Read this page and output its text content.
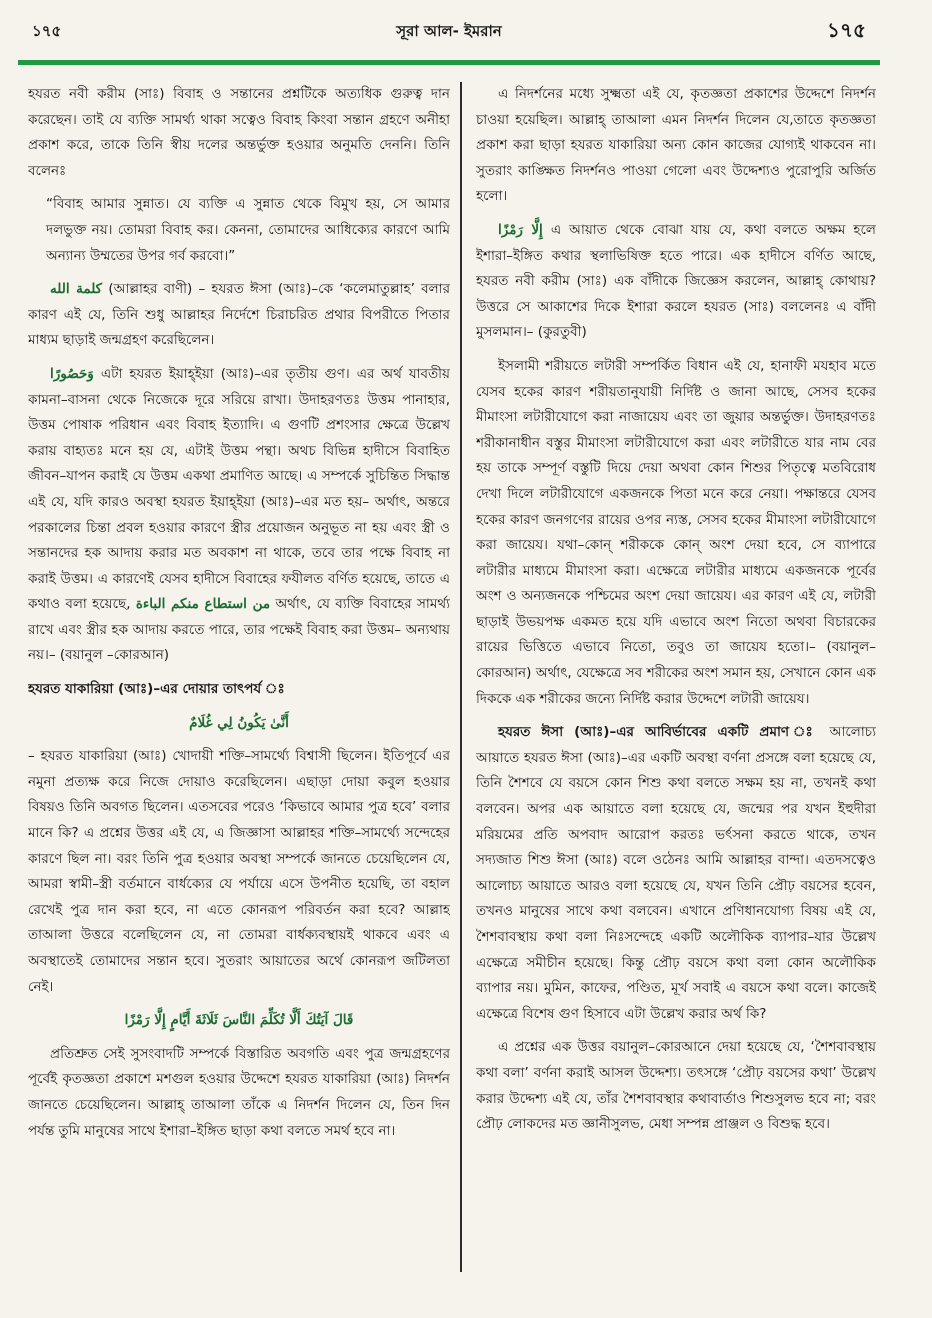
১৭৫	সূরা আল- ইমরান	১৭৫

হযরত নবী করীম (সাঃ) বিবাহ ও সন্তানের প্রশ্নটিকে অত্যধিক গুরুত্ব দান করেছেন। তাই যে ব্যক্তি সামর্থ্য থাকা সত্বেও বিবাহ কিংবা সন্তান গ্রহণে অনীহা প্রকাশ করে, তাকে তিনি স্বীয় দলের অন্তর্ভুক্ত হওয়ার অনুমতি দেননি। তিনি বলেনঃ

“বিবাহ আমার সুন্নাত। যে ব্যক্তি এ সুন্নাত থেকে বিমুখ হয়, সে আমার দলভুক্ত নয়। তোমরা বিবাহ কর। কেননা, তোমাদের আধিক্যের কারণে আমি অন্যান্য উম্মতের উপর গর্ব করবো।”

كلمة الله (আল্লাহর বাণী) – হযরত ঈসা (আঃ)–কে ‘কলেমাতুল্লাহ’ বলার কারণ এই যে, তিনি শুধু আল্লাহর নির্দেশে চিরাচরিত প্রথার বিপরীতে পিতার মাধ্যম ছাড়াই জন্মগ্রহণ করেছিলেন।

وَحَصُورًا এটা হযরত ইয়াহ্ইয়া (আঃ)–এর তৃতীয় গুণ। এর অর্থ যাবতীয় কামনা–বাসনা থেকে নিজেকে দূরে সরিয়ে রাখা। উদাহরণতঃ উত্তম পানাহার, উত্তম পোষাক পরিধান এবং বিবাহ ইত্যাদি। এ গুণটি প্রশংসার ক্ষেত্রে উল্লেখ করায় বাহ্যতঃ মনে হয় যে, এটাই উত্তম পন্থা। অথচ বিভিন্ন হাদীসে বিবাহিত জীবন–যাপন করাই যে উত্তম একথা প্রমাণিত আছে। এ সম্পর্কে সুচিন্তিত সিদ্ধান্ত এই যে, যদি কারও অবস্থা হযরত ইয়াহ্ইয়া (আঃ)–এর মত হয়– অর্থাৎ, অন্তরে পরকালের চিন্তা প্রবল হওয়ার কারণে স্ত্রীর প্রয়োজন অনুভূত না হয় এবং স্ত্রী ও সন্তানদের হক আদায় করার মত অবকাশ না থাকে, তবে তার পক্ষে বিবাহ না করাই উত্তম। এ কারণেই যেসব হাদীসে বিবাহের ফযীলত বর্ণিত হয়েছে, তাতে এ কথাও বলা হয়েছে, من استطاع منكم الباءة অর্থাৎ, যে ব্যক্তি বিবাহের সামর্থ্য রাখে এবং স্ত্রীর হক আদায় করতে পারে, তার পক্ষেই বিবাহ করা উত্তম– অন্যথায় নয়।– (বয়ানুল –কোরআন)

হযরত যাকারিয়া (আঃ)–এর দোয়ার তাৎপর্য ঃ

أَنَّىٰ يَكُونُ لِي غُلَامٌ

– হযরত যাকারিয়া (আঃ) খোদায়ী শক্তি–সামর্থ্যে বিশ্বাসী ছিলেন। ইতিপূর্বে এর নমুনা প্রত্যক্ষ করে নিজে দোয়াও করেছিলেন। এছাড়া দোয়া কবুল হওয়ার বিষয়ও তিনি অবগত ছিলেন। এতসবের পরেও ‘কিভাবে আমার পুত্র হবে’ বলার মানে কি? এ প্রশ্নের উত্তর এই যে, এ জিজ্ঞাসা আল্লাহর শক্তি–সামর্থ্যে সন্দেহের কারণে ছিল না। বরং তিনি পুত্র হওয়ার অবস্থা সম্পর্কে জানতে চেয়েছিলেন যে, আমরা স্বামী–স্ত্রী বর্তমানে বার্ধক্যের যে পর্যায়ে এসে উপনীত হয়েছি, তা বহাল রেখেই পুত্র দান করা হবে, না এতে কোনরূপ পরিবর্তন করা হবে? আল্লাহ তাআলা উত্তরে বলেছিলেন যে, না তোমরা বার্ধক্যবস্থায়ই থাকবে এবং এ অবস্থাতেই তোমাদের সন্তান হবে। সুতরাং আয়াতের অর্থে কোনরূপ জটিলতা নেই।

قَالَ آيَتُكَ أَلَّا تُكَلِّمَ النَّاسَ ثَلَاثَةَ أَيَّامٍ إِلَّا رَمْزًا

প্রতিশ্রুত সেই সুসংবাদটি সম্পর্কে বিস্তারিত অবগতি এবং পুত্র জন্মগ্রহণের পূর্বেই কৃতজ্ঞতা প্রকাশে মশগুল হওয়ার উদ্দেশে হযরত যাকারিয়া (আঃ) নিদর্শন জানতে চেয়েছিলেন। আল্লাহ্ তাআলা তাঁকে এ নিদর্শন দিলেন যে, তিন দিন পর্যন্ত তুমি মানুষের সাথে ইশারা–ইঙ্গিত ছাড়া কথা বলতে সমর্থ হবে না।

এ নিদর্শনের মধ্যে সুক্ষ্মতা এই যে, কৃতজ্ঞতা প্রকাশের উদ্দেশে নিদর্শন চাওয়া হয়েছিল। আল্লাহ্ তাআলা এমন নিদর্শন দিলেন যে,তাতে কৃতজ্ঞতা প্রকাশ করা ছাড়া হযরত যাকারিয়া অন্য কোন কাজের যোগ্যই থাকবেন না। সুতরাং কাঙ্ক্ষিত নিদর্শনও পাওয়া গেলো এবং উদ্দেশ্যও পুরোপুরি অর্জিত হলো।

إِلَّا رَمْزًا এ আয়াত থেকে বোঝা যায় যে, কথা বলতে অক্ষম হলে ইশারা–ইঙ্গিত কথার স্থলাভিষিক্ত হতে পারে। এক হাদীসে বর্ণিত আছে, হযরত নবী করীম (সাঃ) এক বাঁদীকে জিজ্ঞেস করলেন, আল্লাহ্ কোথায়? উত্তরে সে আকাশের দিকে ইশারা করলে হযরত (সাঃ) বললেনঃ এ বাঁদী মুসলমান।– (কুরতুবী)

ইসলামী শরীয়তে লটারী সম্পর্কিত বিধান এই যে, হানাফী মযহাব মতে যেসব হকের কারণ শরীয়তানুযায়ী নির্দিষ্ট ও জানা আছে, সেসব হকের মীমাংসা লটারীযোগে করা নাজায়েয এবং তা জুয়ার অন্তর্ভুক্ত। উদাহরণতঃ শরীকানাধীন বস্তুর মীমাংসা লটারীযোগে করা এবং লটারীতে যার নাম বের হয় তাকে সম্পূর্ণ বস্তুটি দিয়ে দেয়া অথবা কোন শিশুর পিতৃত্বে মতবিরোধ দেখা দিলে লটারীযোগে একজনকে পিতা মনে করে নেয়া। পক্ষান্তরে যেসব হকের কারণ জনগণের রায়ের ওপর ন্যস্ত, সেসব হকের মীমাংসা লটারীযোগে করা জায়েয। যথা–কোন্ শরীককে কোন্ অংশ দেয়া হবে, সে ব্যাপারে লটারীর মাধ্যমে মীমাংসা করা। এক্ষেত্রে লটারীর মাধ্যমে একজনকে পূর্বের অংশ ও অন্যজনকে পশ্চিমের অংশ দেয়া জায়েয। এর কারণ এই যে, লটারী ছাড়াই উভয়পক্ষ একমত হয়ে যদি এভাবে অংশ নিতো অথবা বিচারকের রায়ের ভিত্তিতে এভাবে নিতো, তবুও তা জায়েয হতো।– (বয়ানুল–কোরআন) অর্থাৎ, যেক্ষেত্রে সব শরীকের অংশ সমান হয়, সেখানে কোন এক দিককে এক শরীকের জন্যে নির্দিষ্ট করার উদ্দেশে লটারী জায়েয।

হযরত ঈসা (আঃ)–এর আবির্ভাবের একটি প্রমাণ ঃ আলোচ্য আয়াতে হযরত ঈসা (আঃ)–এর একটি অবস্থা বর্ণনা প্রসঙ্গে বলা হয়েছে যে, তিনি শৈশবে যে বয়সে কোন শিশু কথা বলতে সক্ষম হয় না, তখনই কথা বলবেন। অপর এক আয়াতে বলা হয়েছে যে, জন্মের পর যখন ইহুদীরা মরিয়মের প্রতি অপবাদ আরোপ করতঃ ভর্ৎসনা করতে থাকে, তখন সদ্যজাত শিশু ঈসা (আঃ) বলে ওঠেনঃ আমি আল্লাহর বান্দা। এতদসত্বেও আলোচ্য আয়াতে আরও বলা হয়েছে যে, যখন তিনি প্রৌঢ় বয়সের হবেন, তখনও মানুষের সাথে কথা বলবেন। এখানে প্রণিধানযোগ্য বিষয় এই যে, শৈশবাবস্থায় কথা বলা নিঃসন্দেহে একটি অলৌকিক ব্যাপার–যার উল্লেখ এক্ষেত্রে সমীচীন হয়েছে। কিন্তু প্রৌঢ় বয়সে কথা বলা কোন অলৌকিক ব্যাপার নয়। মুমিন, কাফের, পণ্ডিত, মূর্খ সবাই এ বয়সে কথা বলে। কাজেই এক্ষেত্রে বিশেষ গুণ হিসাবে এটা উল্লেখ করার অর্থ কি?

এ প্রশ্নের এক উত্তর বয়ানুল–কোরআনে দেয়া হয়েছে যে, ‘শৈশবাবস্থায় কথা বলা’ বর্ণনা করাই আসল উদ্দেশ্য। তৎসঙ্গে ‘প্রৌঢ় বয়সের কথা’ উল্লেখ করার উদ্দেশ্য এই যে, তাঁর শৈশবাবস্থার কথাবার্তাও শিশুসুলভ হবে না; বরং প্রৌঢ় লোকদের মত জ্ঞানীসুলভ, মেধা সম্পন্ন প্রাঞ্জল ও বিশুদ্ধ হবে।
